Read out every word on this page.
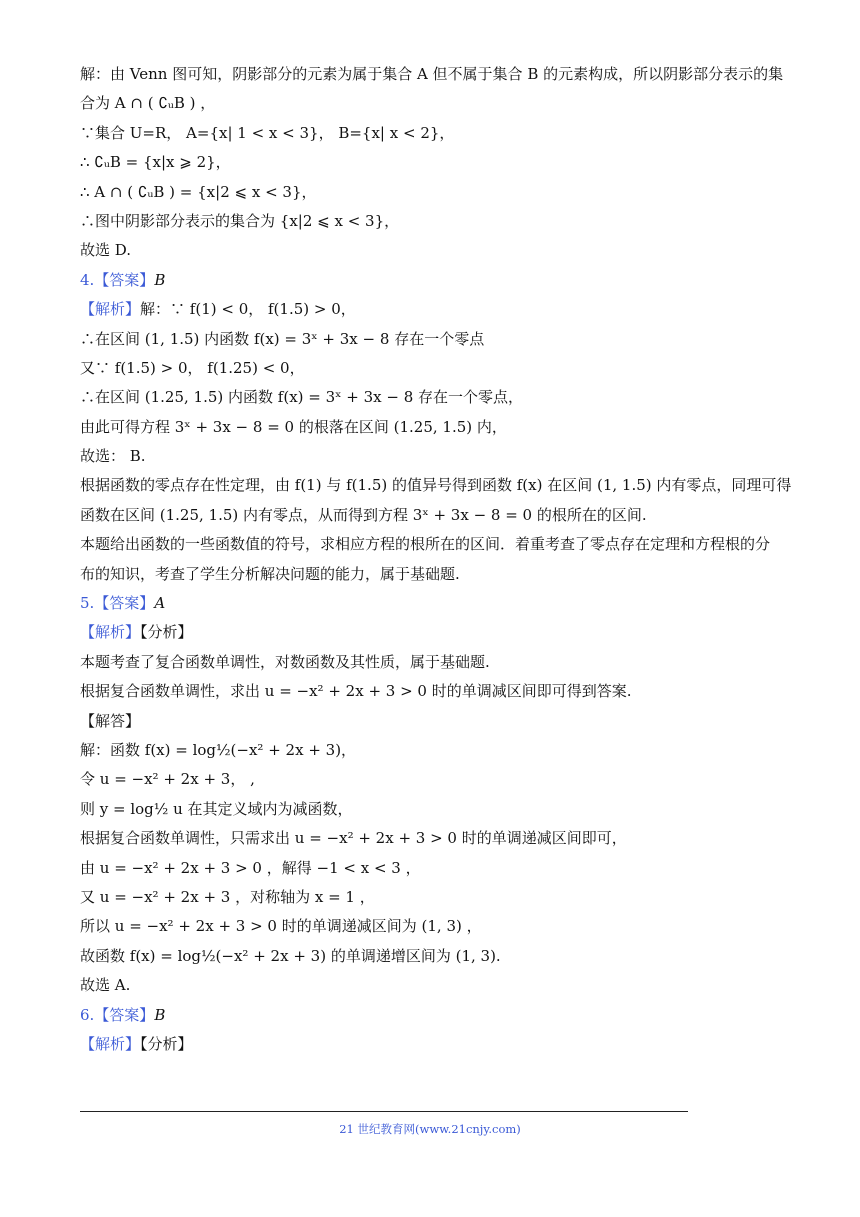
解：由 Venn 图可知，阴影部分的元素为属于集合 A 但不属于集合 B 的元素构成，所以阴影部分表示的集
合为 A ∩ ( ∁ᵤB ) ，
∵集合 U=R， A={x| 1 < x < 3}， B={x| x < 2}，
∴ ∁ᵤB = {x|x ⩾ 2}，
∴ A ∩ ( ∁ᵤB ) = {x|2 ⩽ x < 3}，
∴图中阴影部分表示的集合为 {x|2 ⩽ x < 3}，
故选 D.
4.【答案】B
【解析】解：∵ f(1) < 0， f(1.5) > 0，
∴在区间 (1, 1.5) 内函数 f(x) = 3ˣ + 3x − 8 存在一个零点
又∵ f(1.5) > 0， f(1.25) < 0，
∴在区间 (1.25, 1.5) 内函数 f(x) = 3ˣ + 3x − 8 存在一个零点，
由此可得方程 3ˣ + 3x − 8 = 0 的根落在区间 (1.25, 1.5) 内，
故选： B.
根据函数的零点存在性定理，由 f(1) 与 f(1.5) 的值异号得到函数 f(x) 在区间 (1, 1.5) 内有零点，同理可得
函数在区间 (1.25, 1.5) 内有零点，从而得到方程 3ˣ + 3x − 8 = 0 的根所在的区间.
本题给出函数的一些函数值的符号，求相应方程的根所在的区间．着重考查了零点存在定理和方程根的分
布的知识，考查了学生分析解决问题的能力，属于基础题.
5.【答案】A
【解析】【分析】
本题考查了复合函数单调性，对数函数及其性质，属于基础题.
根据复合函数单调性，求出 u = −x² + 2x + 3 > 0 时的单调减区间即可得到答案.
【解答】
解：函数 f(x) = log½(−x² + 2x + 3)，
令 u = −x² + 2x + 3， ,
则 y = log½ u 在其定义域内为减函数，
根据复合函数单调性，只需求出 u = −x² + 2x + 3 > 0 时的单调递减区间即可，
由 u = −x² + 2x + 3 > 0 ，解得 −1 < x < 3 ，
又 u = −x² + 2x + 3 ，对称轴为 x = 1 ，
所以 u = −x² + 2x + 3 > 0 时的单调递减区间为 (1, 3) ，
故函数 f(x) = log½(−x² + 2x + 3) 的单调递增区间为 (1, 3).
故选 A.
6.【答案】B
【解析】【分析】
21 世纪教育网(www.21cnjy.com)
